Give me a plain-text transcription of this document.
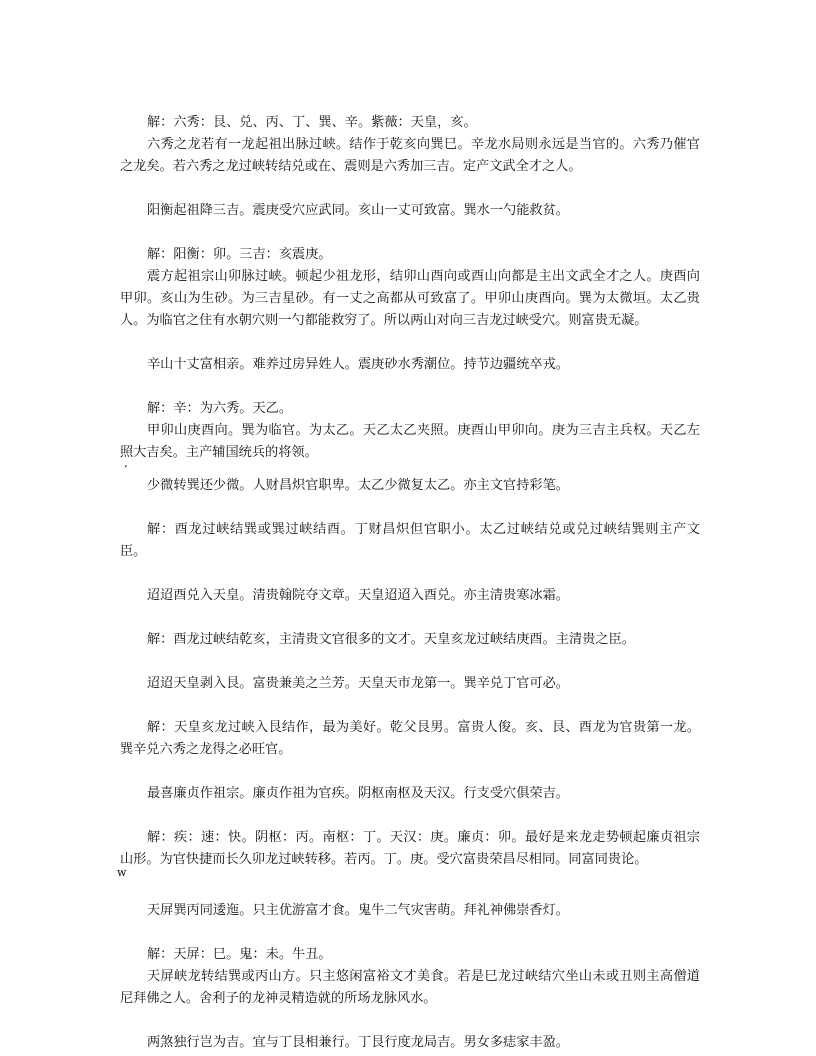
解：六秀：艮、兑、丙、丁、巽、辛。紫薇：天皇，亥。
六秀之龙若有一龙起祖出脉过峡。结作于乾亥向巽巳。辛龙水局则永远是当官的。六秀乃催官之龙矣。若六秀之龙过峡转结兑或在、震则是六秀加三吉。定产文武全才之人。
阳衡起祖降三吉。震庚受穴应武同。亥山一丈可致富。巽水一勺能救贫。
解：阳衡：卯。三吉：亥震庚。
震方起祖宗山卯脉过峡。顿起少祖龙形，结卯山酉向或酉山向都是主出文武全才之人。庚酉向甲卯。亥山为生砂。为三吉星砂。有一丈之高都从可致富了。甲卯山庚酉向。巽为太微垣。太乙贵人。为临官之住有水朝穴则一勺都能救穷了。所以两山对向三吉龙过峡受穴。则富贵无凝。
辛山十丈富相亲。难养过房异姓人。震庚砂水秀潮位。持节边疆统卒戎。
解：辛：为六秀。天乙。
甲卯山庚酉向。巽为临官。为太乙。天乙太乙夹照。庚酉山甲卯向。庚为三吉主兵权。天乙左照大吉矣。主产辅国统兵的将领。
’
少微转巽还少微。人财昌炽官职卑。太乙少微复太乙。亦主文官持彩笔。
解：酉龙过峡结巽或巽过峡结酉。丁财昌炽但官职小。太乙过峡结兑或兑过峡结巽则主产文臣。
迢迢酉兑入天皇。清贵翰院夺文章。天皇迢迢入酉兑。亦主清贵寒冰霜。
解：酉龙过峡结乾亥，主清贵文官很多的文才。天皇亥龙过峡结庚酉。主清贵之臣。
迢迢天皇剥入艮。富贵兼美之兰芳。天皇天市龙第一。巽辛兑丁官可必。
解：天皇亥龙过峡入艮结作，最为美好。乾父艮男。富贵人俊。亥、艮、酉龙为官贵第一龙。巽辛兑六秀之龙得之必旺官。
最喜廉贞作祖宗。廉贞作祖为官疾。阴枢南枢及天汉。行支受穴俱荣吉。
解：疾：速：快。阴枢：丙。南枢：丁。天汉：庚。廉贞：卯。最好是来龙走势顿起廉贞祖宗山形。为官快捷而长久卯龙过峡转移。若丙。丁。庚。受穴富贵荣昌尽相同。同富同贵论。
w
天屏巽丙同逶迤。只主优游富才食。鬼牛二气灾害萌。拜礼神佛崇香灯。
解：天屏：巳。鬼：未。牛丑。
天屏峡龙转结巽或丙山方。只主悠闲富裕文才美食。若是巳龙过峡结穴坐山未或丑则主高僧道尼拜佛之人。舍利子的龙神灵精造就的所场龙脉风水。
两煞独行岂为吉。宜与丁艮相兼行。丁艮行度龙局吉。男女多痣家丰盈。
